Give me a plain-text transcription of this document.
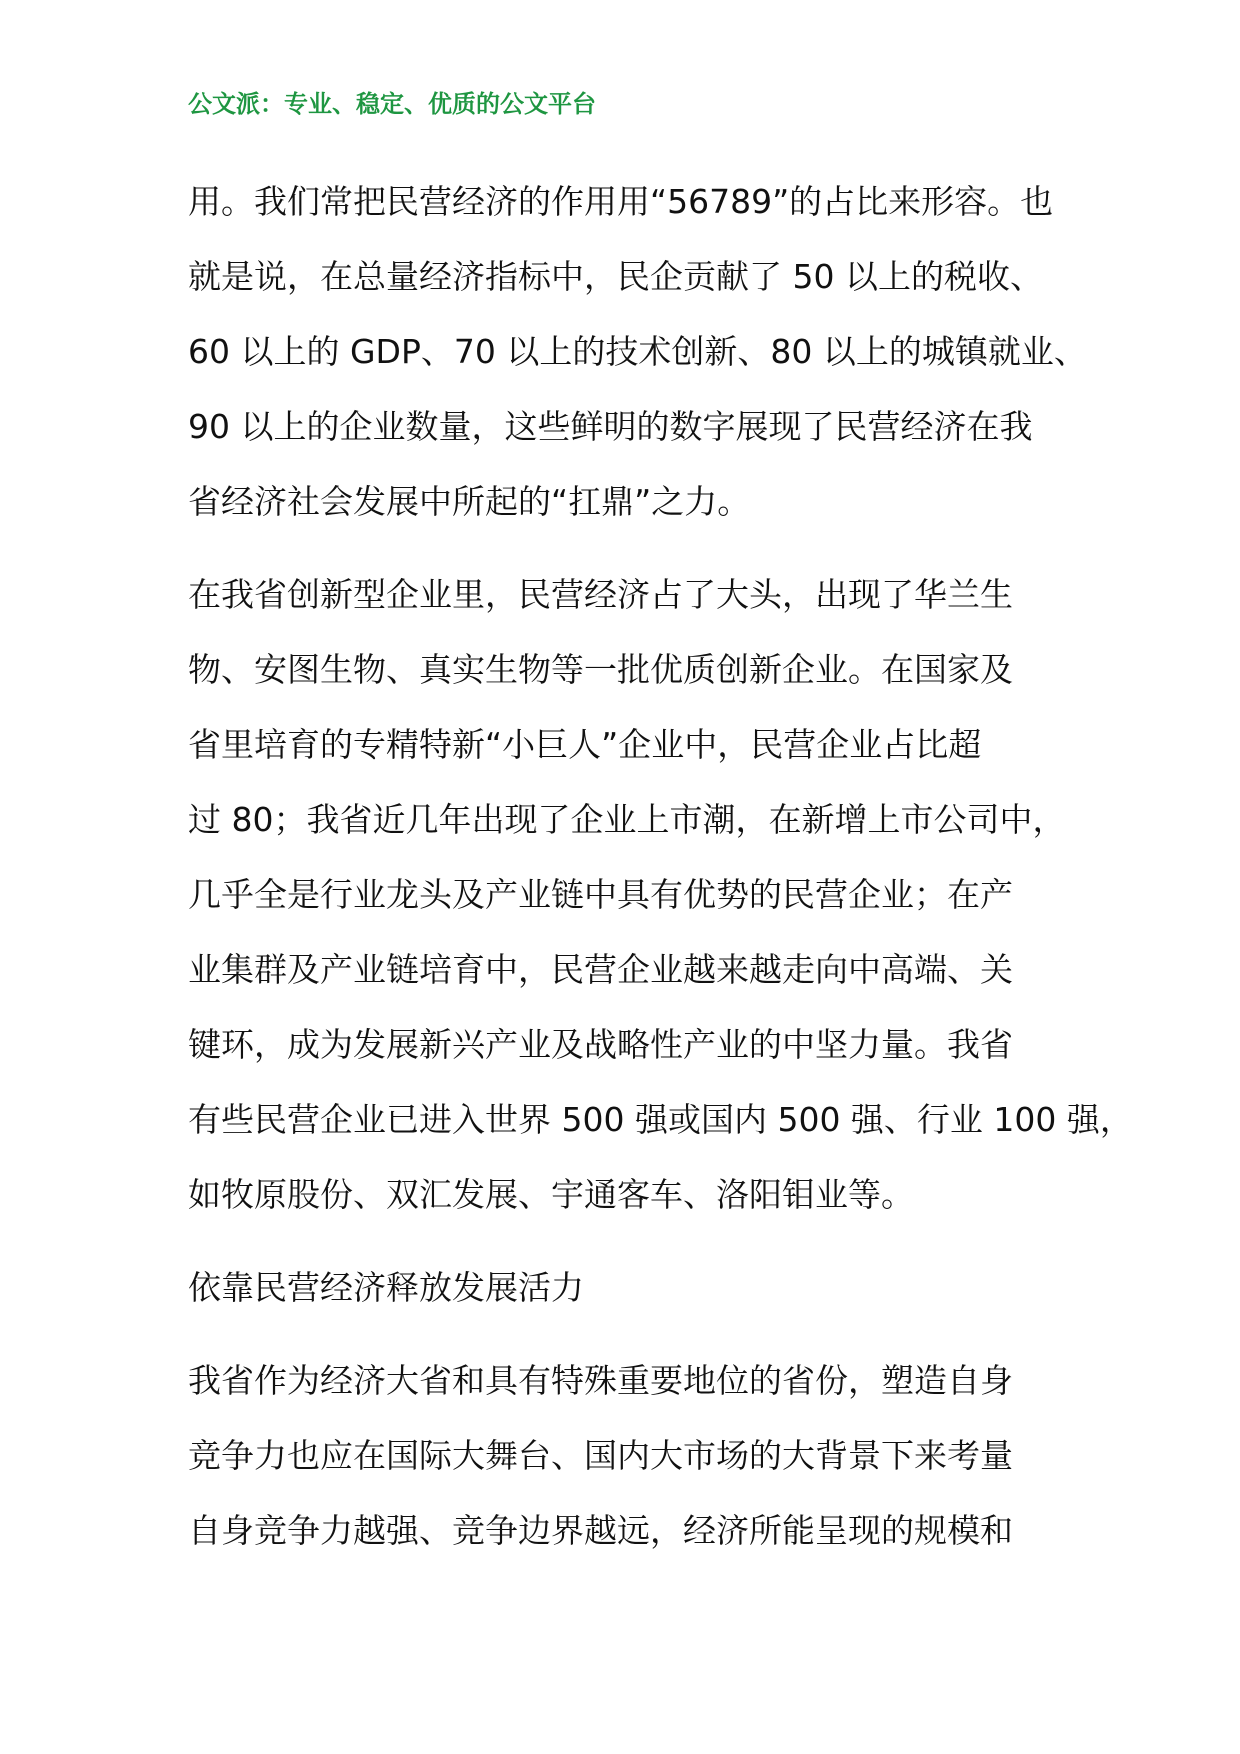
公文派：专业、稳定、优质的公文平台
用。我们常把民营经济的作用用“56789”的占比来形容。也
就是说，在总量经济指标中，民企贡献了 50 以上的税收、
60 以上的 GDP、70 以上的技术创新、80 以上的城镇就业、
90 以上的企业数量，这些鲜明的数字展现了民营经济在我
省经济社会发展中所起的“扛鼎”之力。
在我省创新型企业里，民营经济占了大头，出现了华兰生
物、安图生物、真实生物等一批优质创新企业。在国家及
省里培育的专精特新“小巨人”企业中，民营企业占比超
过 80；我省近几年出现了企业上市潮，在新增上市公司中，
几乎全是行业龙头及产业链中具有优势的民营企业；在产
业集群及产业链培育中，民营企业越来越走向中高端、关
键环，成为发展新兴产业及战略性产业的中坚力量。我省
有些民营企业已进入世界 500 强或国内 500 强、行业 100 强，
如牧原股份、双汇发展、宇通客车、洛阳钼业等。
依靠民营经济释放发展活力
我省作为经济大省和具有特殊重要地位的省份，塑造自身
竞争力也应在国际大舞台、国内大市场的大背景下来考量
自身竞争力越强、竞争边界越远，经济所能呈现的规模和
